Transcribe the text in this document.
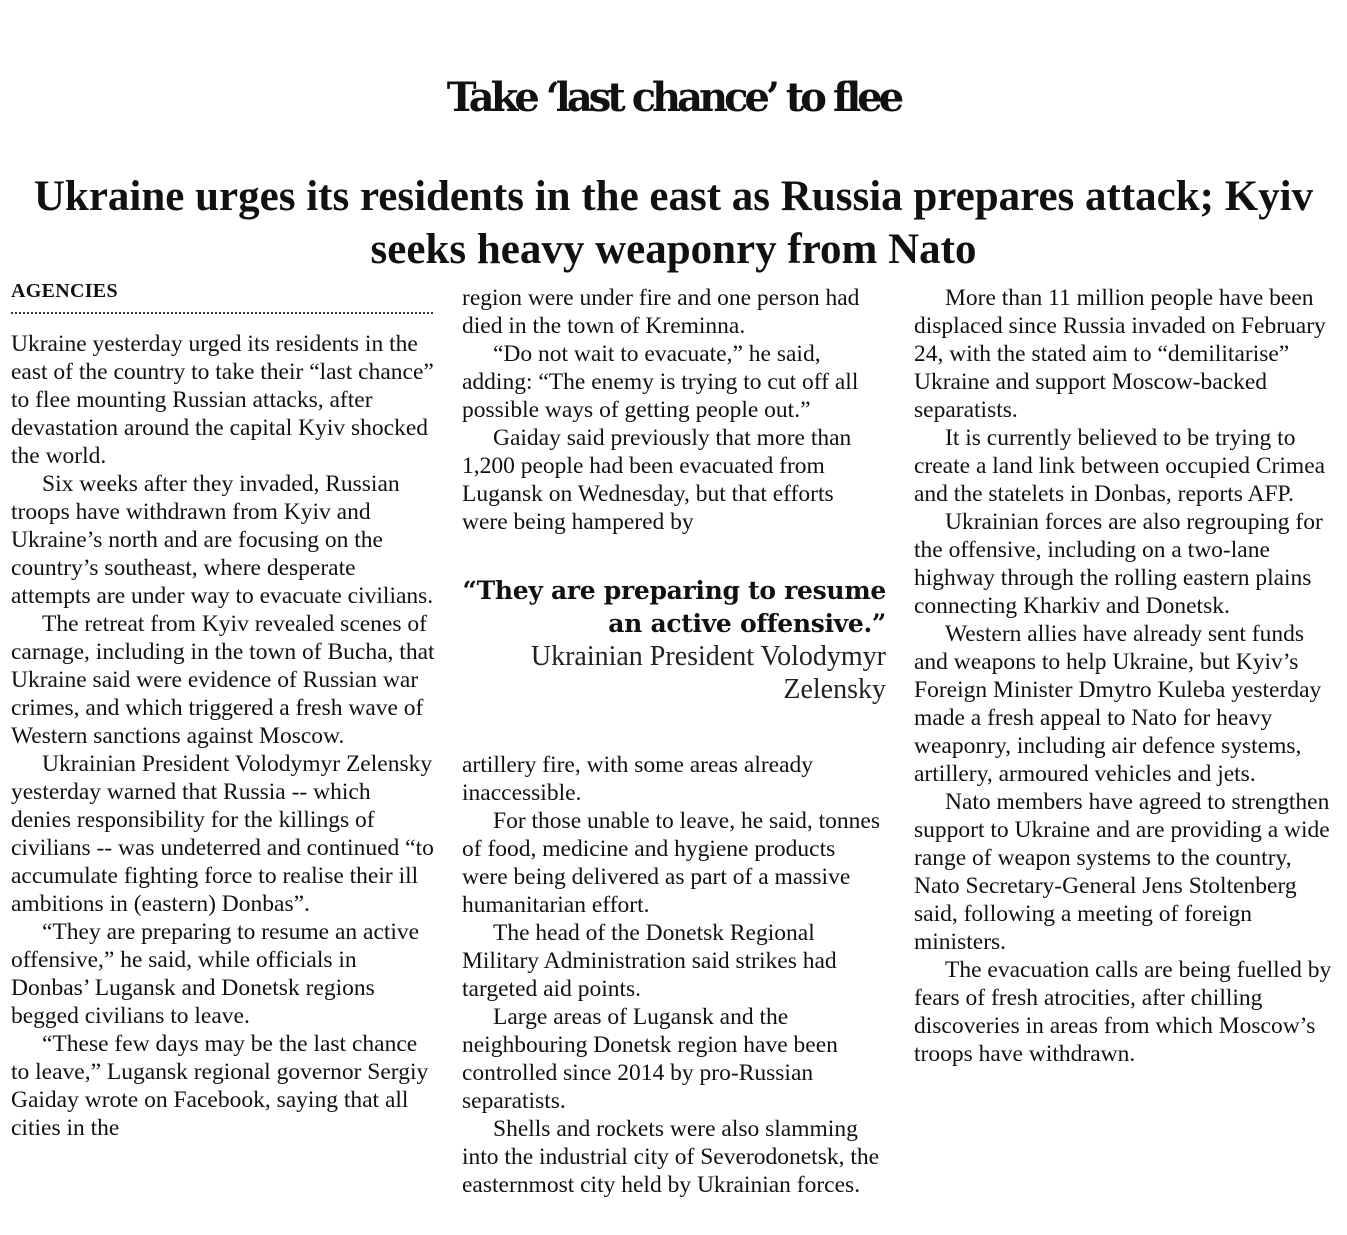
Take ‘last chance’ to flee
Ukraine urges its residents in the east as Russia prepares attack; Kyiv seeks heavy weaponry from Nato
AGENCIES

Ukraine yesterday urged its residents in the east of the country to take their “last chance” to flee mounting Russian attacks, after devastation around the capital Kyiv shocked the world.

Six weeks after they invaded, Russian troops have withdrawn from Kyiv and Ukraine’s north and are focusing on the country’s southeast, where desperate attempts are under way to evacuate civilians.

The retreat from Kyiv revealed scenes of carnage, including in the town of Bucha, that Ukraine said were evidence of Russian war crimes, and which triggered a fresh wave of Western sanctions against Moscow.

Ukrainian President Volodymyr Zelensky yesterday warned that Russia -- which denies responsibility for the killings of civilians -- was undeterred and continued “to accumulate fighting force to realise their ill ambitions in (eastern) Donbas”.

“They are preparing to resume an active offensive,” he said, while officials in Donbas’ Lugansk and Donetsk regions begged civilians to leave.

“These few days may be the last chance to leave,” Lugansk regional governor Sergiy Gaiday wrote on Facebook, saying that all cities in the

region were under fire and one person had died in the town of Kreminna.

“Do not wait to evacuate,” he said, adding: “The enemy is trying to cut off all possible ways of getting people out.”

Gaiday said previously that more than 1,200 people had been evacuated from Lugansk on Wednesday, but that efforts were being hampered by

“They are preparing to resume an active offensive.”
Ukrainian President Volodymyr Zelensky

artillery fire, with some areas already inaccessible.

For those unable to leave, he said, tonnes of food, medicine and hygiene products were being delivered as part of a massive humanitarian effort.

The head of the Donetsk Regional Military Administration said strikes had targeted aid points.

Large areas of Lugansk and the neighbouring Donetsk region have been controlled since 2014 by pro-Russian separatists.

Shells and rockets were also slamming into the industrial city of Severodonetsk, the easternmost city held by Ukrainian forces.

More than 11 million people have been displaced since Russia invaded on February 24, with the stated aim to “demilitarise” Ukraine and support Moscow-backed separatists.

It is currently believed to be trying to create a land link between occupied Crimea and the statelets in Donbas, reports AFP.

Ukrainian forces are also regrouping for the offensive, including on a two-lane highway through the rolling eastern plains connecting Kharkiv and Donetsk.

Western allies have already sent funds and weapons to help Ukraine, but Kyiv’s Foreign Minister Dmytro Kuleba yesterday made a fresh appeal to Nato for heavy weaponry, including air defence systems, artillery, armoured vehicles and jets.

Nato members have agreed to strengthen support to Ukraine and are providing a wide range of weapon systems to the country, Nato Secretary-General Jens Stoltenberg said, following a meeting of foreign ministers.

The evacuation calls are being fuelled by fears of fresh atrocities, after chilling discoveries in areas from which Moscow’s troops have withdrawn.
